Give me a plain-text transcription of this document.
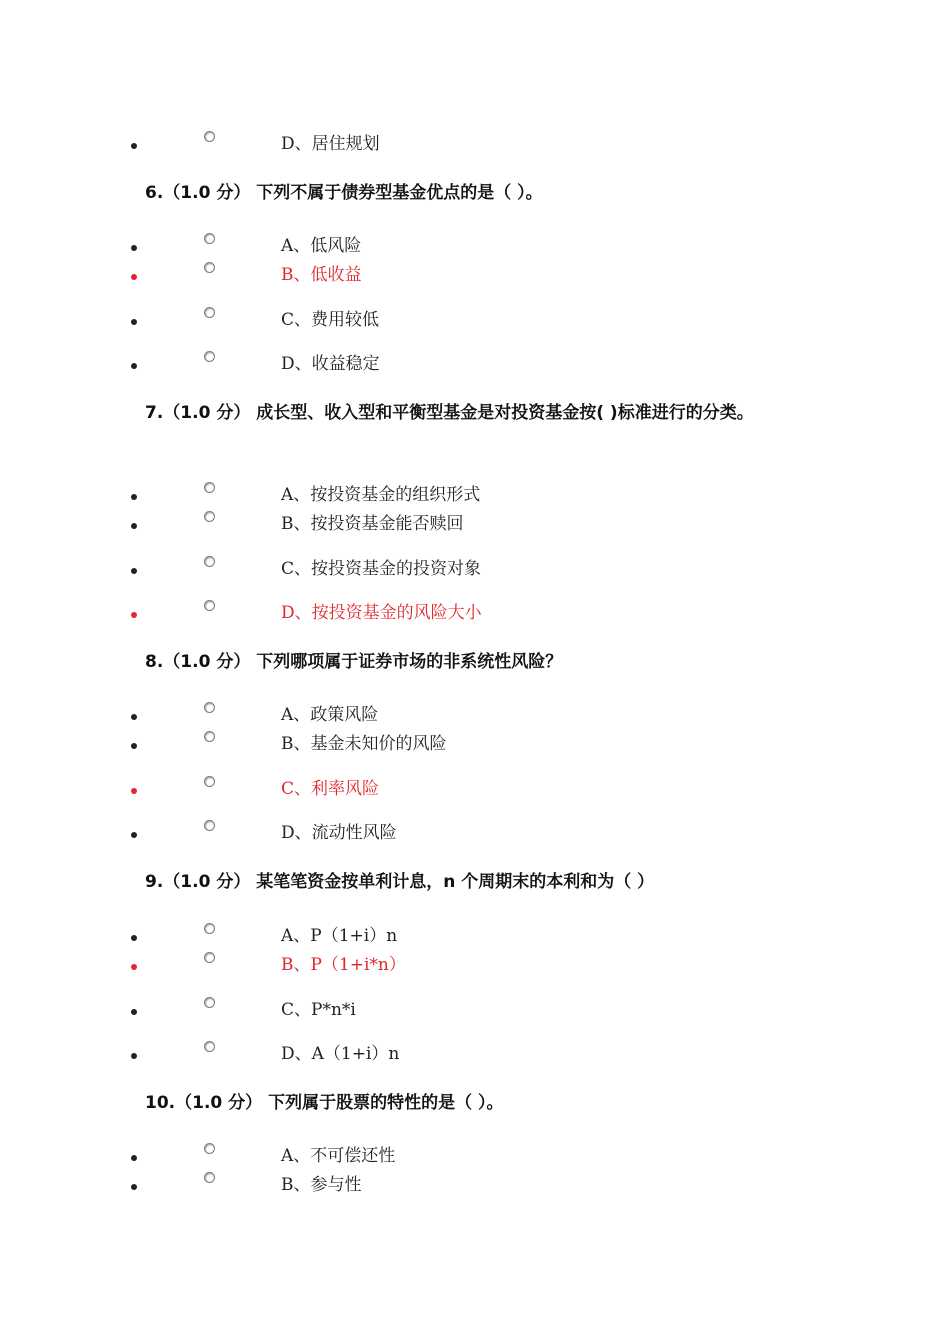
D、居住规划
6.（1.0 分） 下列不属于债券型基金优点的是（ ）。
A、低风险
B、低收益
C、费用较低
D、收益稳定
7.（1.0 分） 成长型、收入型和平衡型基金是对投资基金按( )标准进行的分类。
A、按投资基金的组织形式
B、按投资基金能否赎回
C、按投资基金的投资对象
D、按投资基金的风险大小
8.（1.0 分） 下列哪项属于证券市场的非系统性风险？
A、政策风险
B、基金未知价的风险
C、利率风险
D、流动性风险
9.（1.0 分） 某笔笔资金按单利计息，n 个周期末的本利和为（ ）
A、P（1+i）n
B、P（1+i*n）
C、P*n*i
D、A（1+i）n
10.（1.0 分） 下列属于股票的特性的是（ ）。
A、不可偿还性
B、参与性
